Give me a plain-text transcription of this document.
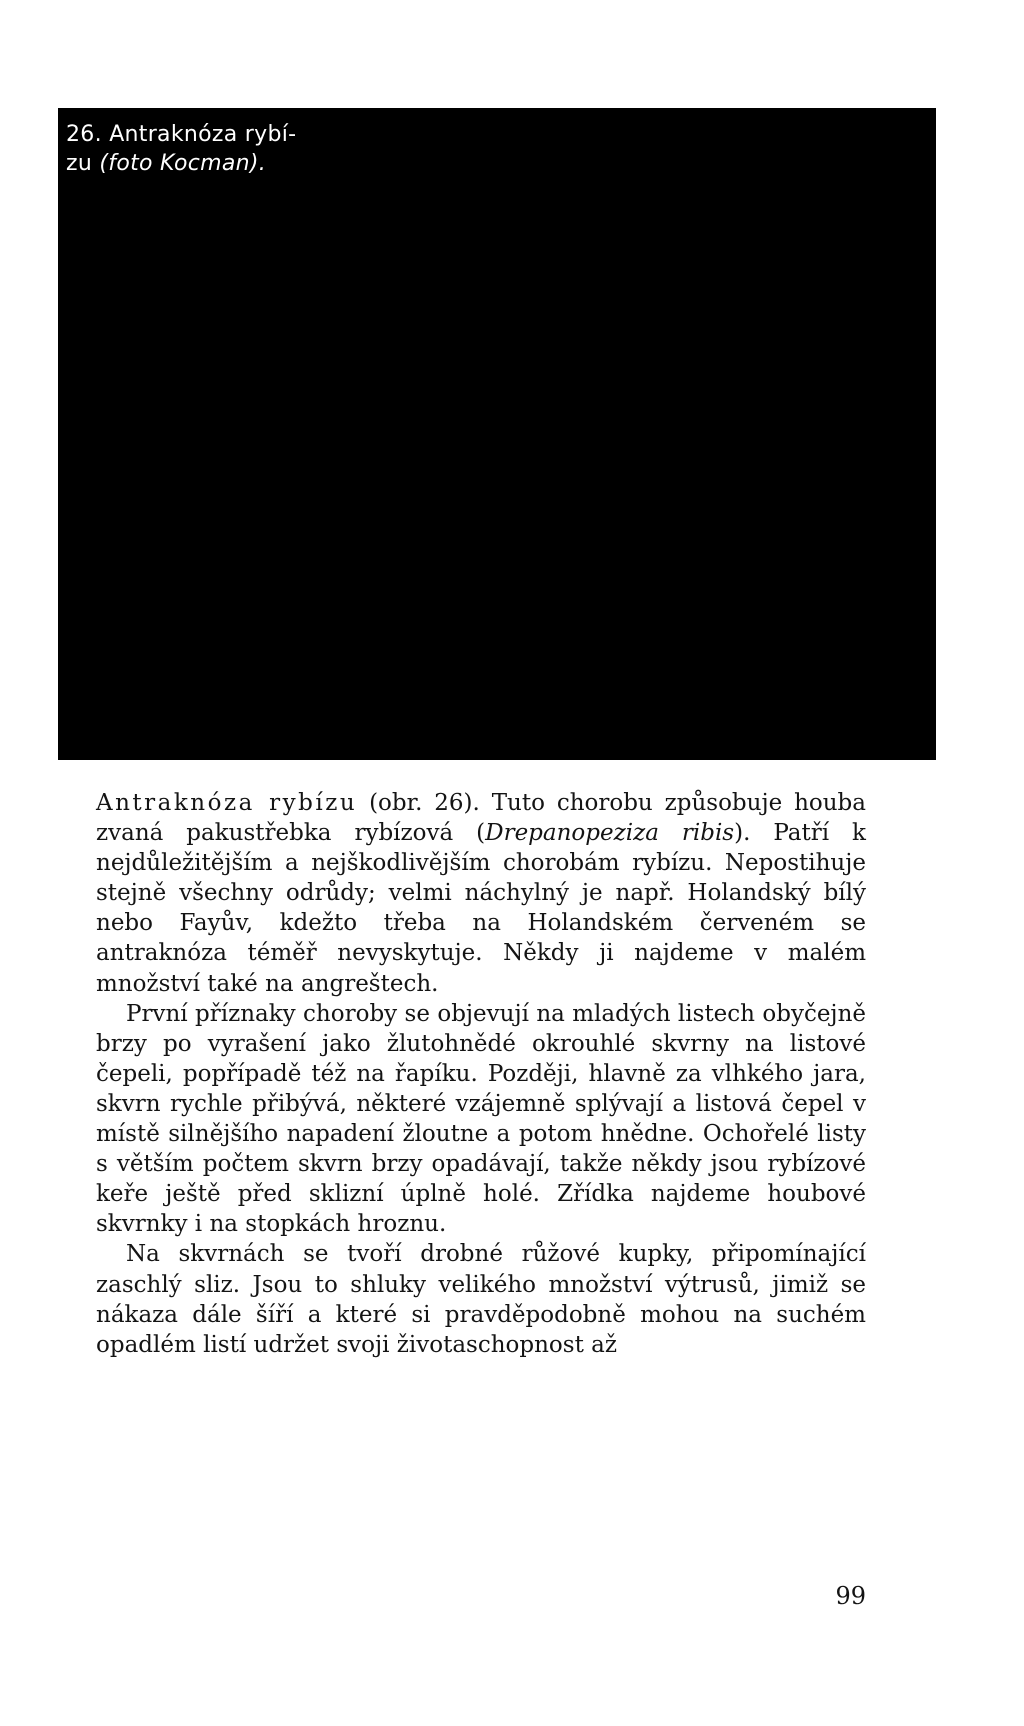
26. Antraknóza rybí-
zu (foto Kocman).

Antraknóza rybízu (obr. 26). Tuto chorobu způsobuje houba zvaná pakustřebka rybízová (Drepanopeziza ribis). Patří k nejdůležitějším a nejškodlivějším chorobám rybízu. Nepostihuje stejně všechny odrůdy; velmi náchylný je např. Holandský bílý nebo Fayův, kdežto třeba na Holandském červeném se antraknóza téměř nevyskytuje. Někdy ji najdeme v malém množství také na angreštech.

První příznaky choroby se objevují na mladých listech obyčejně brzy po vyrašení jako žlutohnědé okrouhlé skvrny na listové čepeli, popřípadě též na řapíku. Později, hlavně za vlhkého jara, skvrn rychle přibývá, některé vzájemně splývají a listová čepel v místě silnějšího napadení žloutne a potom hnědne. Ochořelé listy s větším počtem skvrn brzy opadávají, takže někdy jsou rybízové keře ještě před sklizní úplně holé. Zřídka najdeme houbové skvrnky i na stopkách hroznu.

Na skvrnách se tvoří drobné růžové kupky, připomínající zaschlý sliz. Jsou to shluky velikého množství výtrusů, jimiž se nákaza dále šíří a které si pravděpodobně mohou na suchém opadlém listí udržet svoji životaschopnost až

99
